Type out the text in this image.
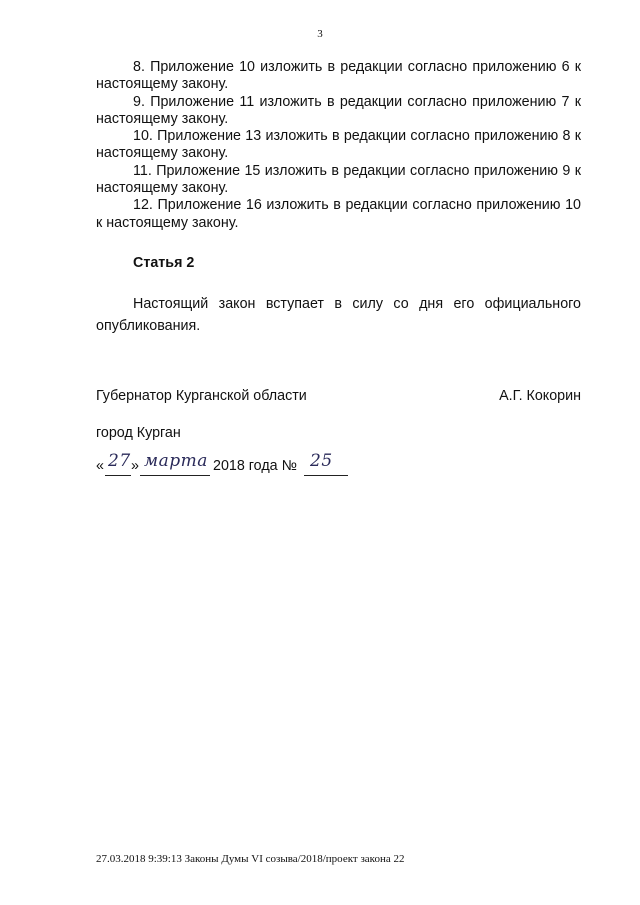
3

8. Приложение 10 изложить в редакции согласно приложению 6 к настоящему закону.

9. Приложение 11 изложить в редакции согласно приложению 7 к настоящему закону.

10. Приложение 13 изложить в редакции согласно приложению 8 к настоящему закону.

11. Приложение 15 изложить в редакции согласно приложению 9 к настоящему закону.

12. Приложение 16 изложить в редакции согласно приложению 10 к настоящему закону.

Статья 2

Настоящий закон вступает в силу со дня его официального опубликования.

Губернатор Курганской области	А.Г. Кокорин
город Курган
« 27 » марта 2018 года № 25
27.03.2018 9:39:13 Законы Думы VI созыва/2018/проект закона 22
